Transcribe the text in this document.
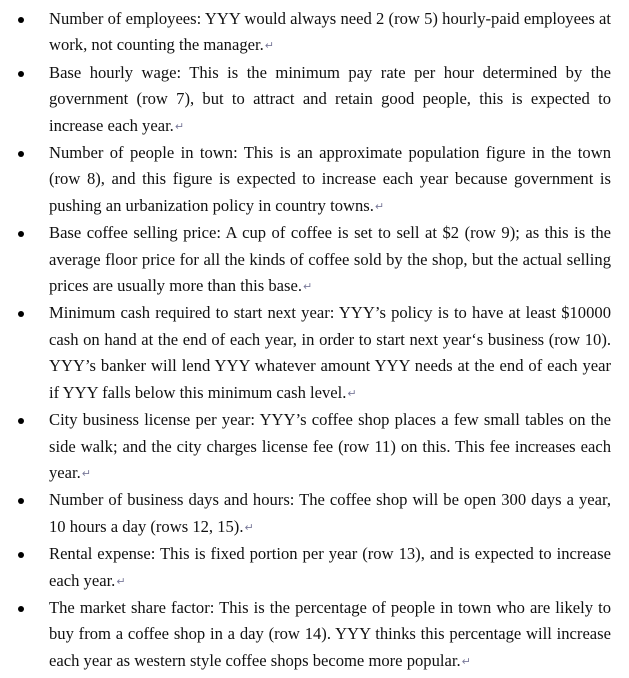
Number of employees: YYY would always need 2 (row 5) hourly-paid employees at work, not counting the manager.↵

Base hourly wage: This is the minimum pay rate per hour determined by the government (row 7), but to attract and retain good people, this is expected to increase each year.↵

Number of people in town: This is an approximate population figure in the town (row 8), and this figure is expected to increase each year because government is pushing an urbanization policy in country towns.↵

Base coffee selling price: A cup of coffee is set to sell at $2 (row 9); as this is the average floor price for all the kinds of coffee sold by the shop, but the actual selling prices are usually more than this base.↵

Minimum cash required to start next year: YYY’s policy is to have at least $10000 cash on hand at the end of each year, in order to start next year‘s business (row 10). YYY’s banker will lend YYY whatever amount YYY needs at the end of each year if YYY falls below this minimum cash level.↵

City business license per year: YYY’s coffee shop places a few small tables on the side walk; and the city charges license fee (row 11) on this. This fee increases each year.↵

Number of business days and hours: The coffee shop will be open 300 days a year, 10 hours a day (rows 12, 15).↵

Rental expense: This is fixed portion per year (row 13), and is expected to increase each year.↵

The market share factor: This is the percentage of people in town who are likely to buy from a coffee shop in a day (row 14). YYY thinks this percentage will increase each year as western style coffee shops become more popular.↵
